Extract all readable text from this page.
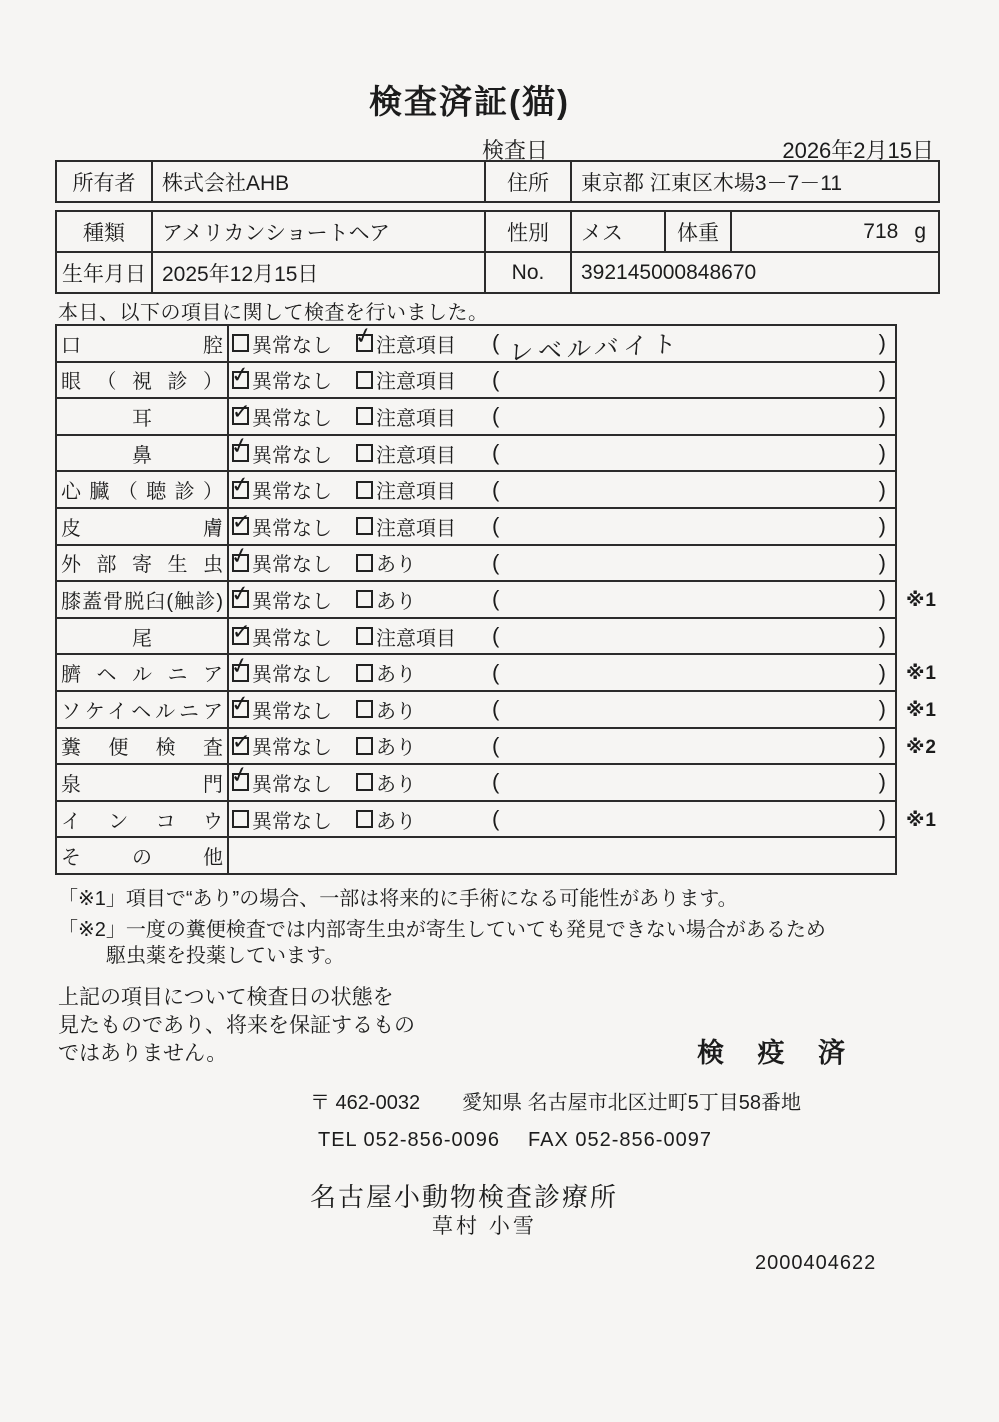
検査済証(猫)
検査日	2026年2月15日
所有者	株式会社AHB	住所	東京都 江東区木場3－7－11
種類	アメリカンショートヘア	性別	メス	体重	718 g
生年月日 2025年12月15日	No.	392145000848670
本日、以下の項目に関して検査を行いました。
口腔 異常なし ✓ 注意項目 ( レベルバイト	)
眼（視診） ✓ 異常なし 注意項目 (	)
耳 ✓	異常なし 注意項目 (	)
鼻 ✓	異常なし 注意項目 (	)
心臓（聴診） ✓ 異常なし 注意項目 (	)
皮膚 ✓ 異常なし 注意項目 (	)
外部寄生虫 ✓ 異常なし あり	(	)
膝蓋骨脱臼(触診) ✓ 異常なし あり	(	) ※1
尾 ✓	異常なし 注意項目 (	)
臍ヘルニア ✓ 異常なし あり	(	) ※1
ソケイヘルニア ✓ 異常なし あり	(	) ※1
糞便検査 ✓ 異常なし あり	(	) ※2
泉門 ✓ 異常なし あり	(	)
インコウ 異常なし あり	(	) ※1
その他
「※1」項目で“あり”の場合、一部は将来的に手術になる可能性があります。
「※2」一度の糞便検査では内部寄生虫が寄生していても発見できない場合があるため
駆虫薬を投薬しています。
上記の項目について検査日の状態を
見たものであり、将来を保証するもの
ではありません。	検 疫 済
〒 462-0032 愛知県 名古屋市北区辻町5丁目58番地
TEL 052-856-0096 FAX 052-856-0097
名古屋小動物検査診療所
草村 小雪
2000404622
